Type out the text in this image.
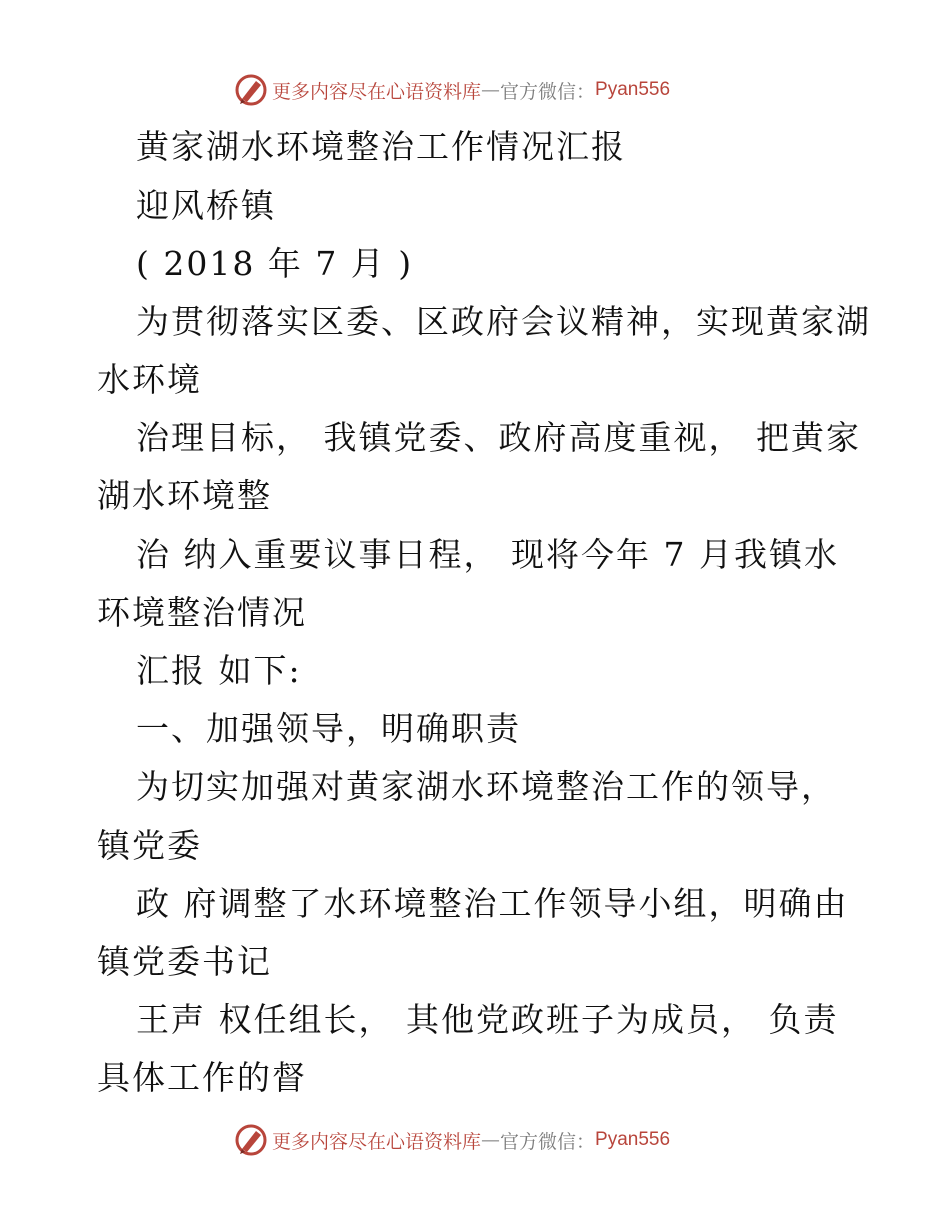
更多内容尽在心语资料库 — 官方微信： Pyan556
黄家湖水环境整治工作情况汇报
迎风桥镇
( 2018 年 7 月 )
为贯彻落实区委、区政府会议精神，实现黄家湖
水环境
治理目标， 我镇党委、政府高度重视， 把黄家
湖水环境整
治 纳入重要议事日程， 现将今年 7 月我镇水
环境整治情况
汇报 如下:
一、加强领导，明确职责
为切实加强对黄家湖水环境整治工作的领导，
镇党委
政 府调整了水环境整治工作领导小组，明确由
镇党委书记
王声 权任组长， 其他党政班子为成员， 负责
具体工作的督
更多内容尽在心语资料库 — 官方微信： Pyan556
